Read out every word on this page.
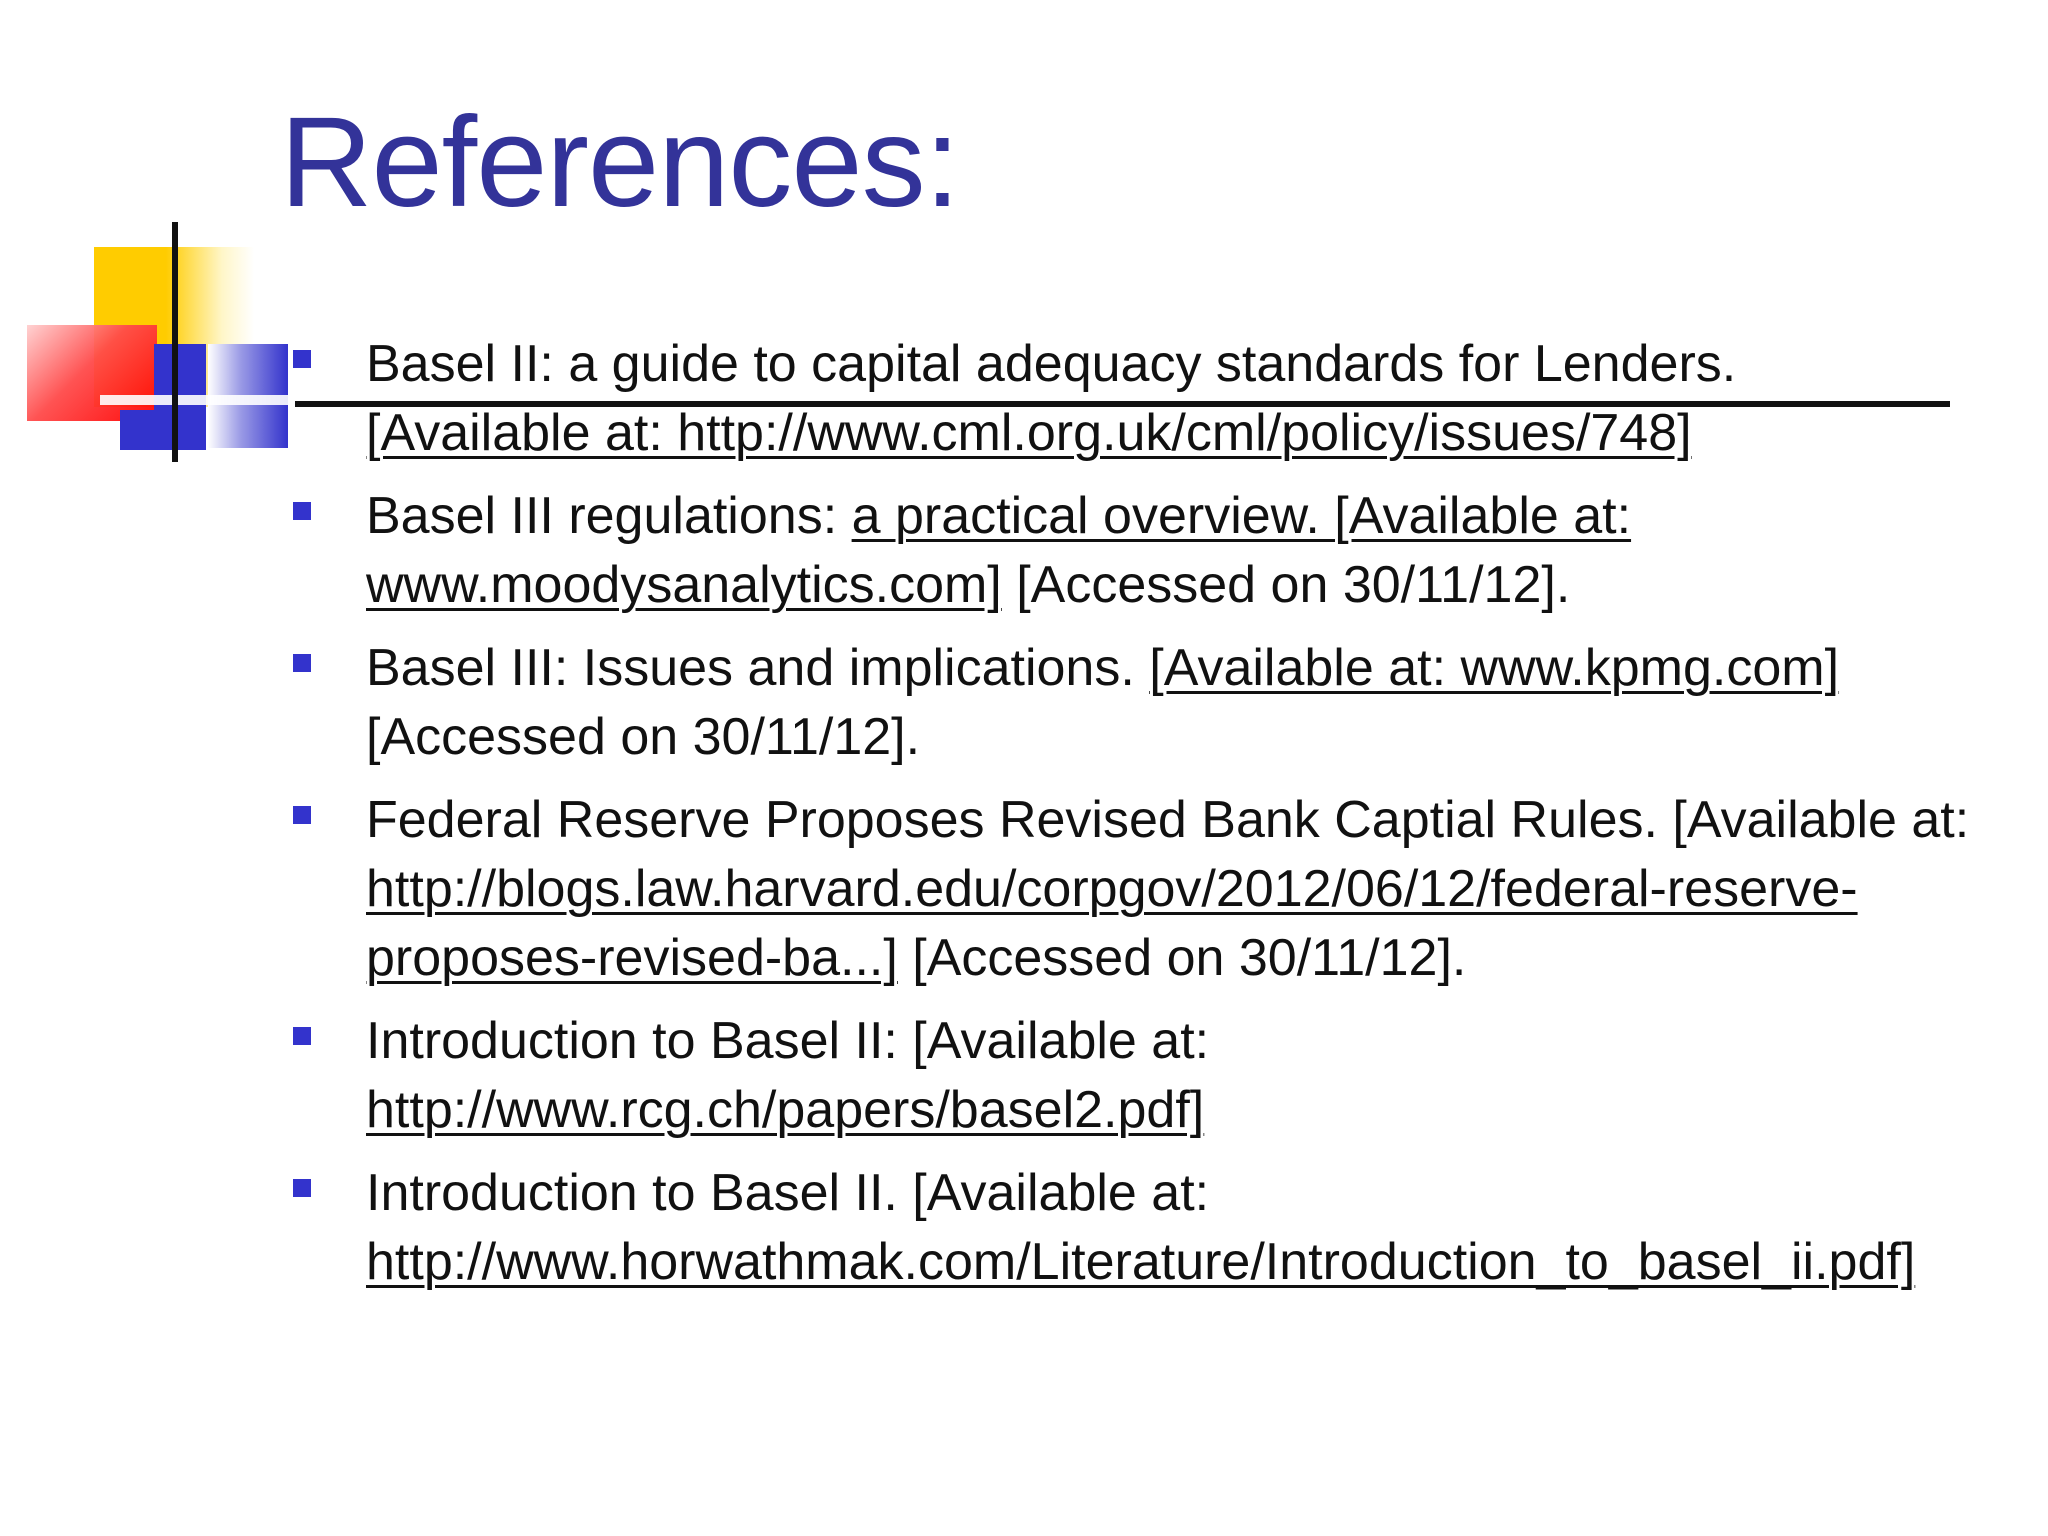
References:
Basel II: a guide to capital adequacy standards for Lenders.
[Available at: http://www.cml.org.uk/cml/policy/issues/748]
Basel III regulations: a practical overview. [Available at: www.moodysanalytics.com] [Accessed on 30/11/12].
Basel III: Issues and implications. [Available at: www.kpmg.com] [Accessed on 30/11/12].
Federal Reserve Proposes Revised Bank Captial Rules. [Available at:
http://blogs.law.harvard.edu/corpgov/2012/06/12/federal-reserve-proposes-revised-ba...] [Accessed on 30/11/12].
Introduction to Basel II: [Available at:
http://www.rcg.ch/papers/basel2.pdf]
Introduction to Basel II. [Available at:
http://www.horwathmak.com/Literature/Introduction_to_basel_ii.pdf]
